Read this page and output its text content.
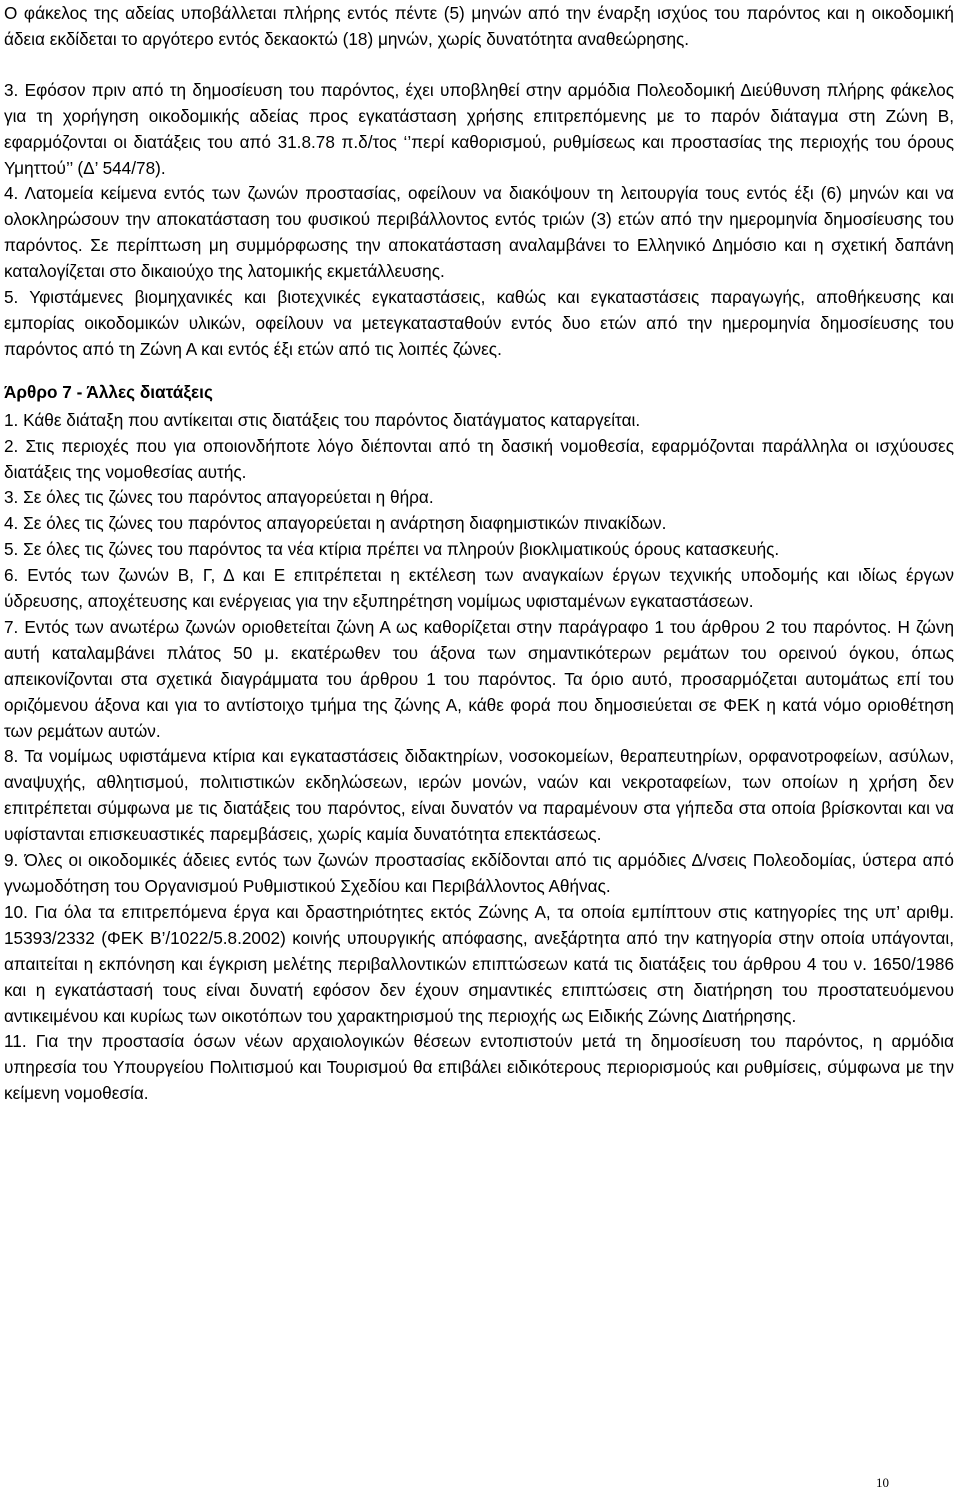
Ο φάκελος της αδείας υποβάλλεται πλήρης εντός πέντε (5) μηνών από την έναρξη ισχύος του παρόντος και η οικοδομική άδεια εκδίδεται το αργότερο εντός δεκαοκτώ (18) μηνών, χωρίς δυνατότητα αναθεώρησης.

3. Εφόσον πριν από τη δημοσίευση του παρόντος, έχει υποβληθεί στην αρμόδια Πολεοδομική Διεύθυνση πλήρης φάκελος για τη χορήγηση οικοδομικής αδείας προς εγκατάσταση χρήσης επιτρεπόμενης με το παρόν διάταγμα στη Ζώνη Β, εφαρμόζονται οι διατάξεις του από 31.8.78 π.δ/τος ‘’περί καθορισμού, ρυθμίσεως και προστασίας της περιοχής του όρους Υμηττού’’ (Δ’ 544/78).

4. Λατομεία κείμενα εντός των ζωνών προστασίας, οφείλουν να διακόψουν τη λειτουργία τους εντός έξι (6) μηνών και να ολοκληρώσουν την αποκατάσταση του φυσικού περιβάλλοντος εντός τριών (3) ετών από την ημερομηνία δημοσίευσης του παρόντος. Σε περίπτωση μη συμμόρφωσης την αποκατάσταση αναλαμβάνει το Ελληνικό Δημόσιο και η σχετική δαπάνη καταλογίζεται στο δικαιούχο της λατομικής εκμετάλλευσης.

5. Υφιστάμενες βιομηχανικές και βιοτεχνικές εγκαταστάσεις, καθώς και εγκαταστάσεις παραγωγής, αποθήκευσης και εμπορίας οικοδομικών υλικών, οφείλουν να μετεγκατασταθούν εντός δυο ετών από την ημερομηνία δημοσίευσης του παρόντος από τη Ζώνη Α και εντός έξι ετών από τις λοιπές ζώνες.

Άρθρο 7 - Άλλες διατάξεις

1. Κάθε διάταξη που αντίκειται στις διατάξεις του παρόντος διατάγματος καταργείται.

2. Στις περιοχές που για οποιονδήποτε λόγο διέπονται από τη δασική νομοθεσία, εφαρμόζονται παράλληλα οι ισχύουσες διατάξεις της νομοθεσίας αυτής.

3. Σε όλες τις ζώνες του παρόντος απαγορεύεται η θήρα.

4. Σε όλες τις ζώνες του παρόντος απαγορεύεται η ανάρτηση διαφημιστικών πινακίδων.

5. Σε όλες τις ζώνες του παρόντος τα νέα κτίρια πρέπει να πληρούν βιοκλιματικούς όρους κατασκευής.

6. Εντός των ζωνών Β, Γ, Δ και Ε επιτρέπεται η εκτέλεση των αναγκαίων έργων τεχνικής υποδομής και ιδίως έργων ύδρευσης, αποχέτευσης και ενέργειας για την εξυπηρέτηση νομίμως υφισταμένων εγκαταστάσεων.

7. Εντός των ανωτέρω ζωνών οριοθετείται ζώνη Α ως καθορίζεται στην παράγραφο 1 του άρθρου 2 του παρόντος. Η ζώνη αυτή καταλαμβάνει πλάτος 50 μ. εκατέρωθεν του άξονα των σημαντικότερων ρεμάτων του ορεινού όγκου, όπως απεικονίζονται στα σχετικά διαγράμματα του άρθρου 1 του παρόντος. Τα όριο αυτό, προσαρμόζεται αυτομάτως επί του οριζόμενου άξονα και για το αντίστοιχο τμήμα της ζώνης Α, κάθε φορά που δημοσιεύεται σε ΦΕΚ η κατά νόμο οριοθέτηση των ρεμάτων αυτών.

8. Τα νομίμως υφιστάμενα κτίρια και εγκαταστάσεις διδακτηρίων, νοσοκομείων, θεραπευτηρίων, ορφανοτροφείων, ασύλων, αναψυχής, αθλητισμού, πολιτιστικών εκδηλώσεων, ιερών μονών, ναών και νεκροταφείων, των οποίων η χρήση δεν επιτρέπεται σύμφωνα με τις διατάξεις του παρόντος, είναι δυνατόν να παραμένουν στα γήπεδα στα οποία βρίσκονται και να υφίστανται επισκευαστικές παρεμβάσεις, χωρίς καμία δυνατότητα επεκτάσεως.

9. Όλες οι οικοδομικές άδειες εντός των ζωνών προστασίας εκδίδονται από τις αρμόδιες Δ/νσεις Πολεοδομίας, ύστερα από γνωμοδότηση του Οργανισμού Ρυθμιστικού Σχεδίου και Περιβάλλοντος Αθήνας.

10. Για όλα τα επιτρεπόμενα έργα και δραστηριότητες εκτός Ζώνης Α, τα οποία εμπίπτουν στις κατηγορίες της υπ’ αριθμ. 15393/2332 (ΦΕΚ Β’/1022/5.8.2002) κοινής υπουργικής απόφασης, ανεξάρτητα από την κατηγορία στην οποία υπάγονται, απαιτείται η εκπόνηση και έγκριση μελέτης περιβαλλοντικών επιπτώσεων κατά τις διατάξεις του άρθρου 4 του ν. 1650/1986 και η εγκατάστασή τους είναι δυνατή εφόσον δεν έχουν σημαντικές επιπτώσεις στη διατήρηση του προστατευόμενου αντικειμένου και κυρίως των οικοτόπων του χαρακτηρισμού της περιοχής ως Ειδικής Ζώνης Διατήρησης.

11. Για την προστασία όσων νέων αρχαιολογικών θέσεων εντοπιστούν μετά τη δημοσίευση του παρόντος, η αρμόδια υπηρεσία του Υπουργείου Πολιτισμού και Τουρισμού θα επιβάλει ειδικότερους περιορισμούς και ρυθμίσεις, σύμφωνα με την κείμενη νομοθεσία.

10
